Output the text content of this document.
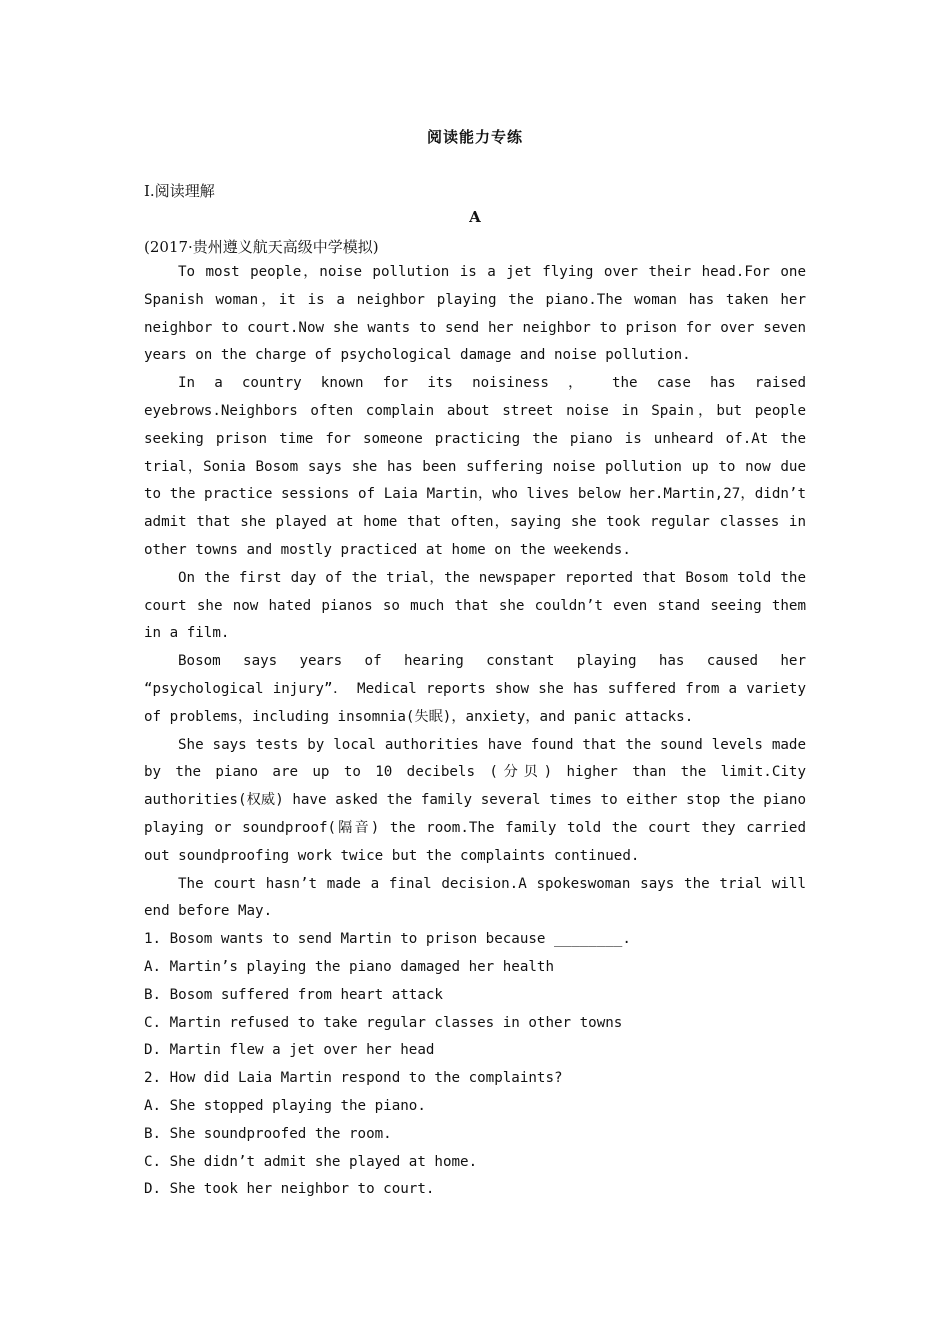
阅读能力专练
Ⅰ.阅读理解
A
(2017·贵州遵义航天高级中学模拟)

To most people，noise pollution is a jet flying over their head.For one Spanish woman，it is a neighbor playing the piano.The woman has taken her neighbor to court.Now she wants to send her neighbor to prison for over seven years on the charge of psychological damage and noise pollution.

In a country known for its noisiness ， the case has raised eyebrows.Neighbors often complain about street noise in Spain，but people seeking prison time for someone practicing the piano is unheard of.At the trial，Sonia Bosom says she has been suffering noise pollution up to now due to the practice sessions of Laia Martin，who lives below her.Martin,27，didn’t admit that she played at home that often，saying she took regular classes in other towns and mostly practiced at home on the weekends.

On the first day of the trial，the newspaper reported that Bosom told the court she now hated pianos so much that she couldn’t even stand seeing them in a film.

Bosom says years of hearing constant playing has caused her “psychological injury”． Medical reports show she has suffered from a variety of problems，including insomnia(失眠)，anxiety，and panic attacks.

She says tests by local authorities have found that the sound levels made by the piano are up to 10 decibels (分贝) higher than the limit.City authorities(权威) have asked the family several times to either stop the piano playing or soundproof(隔音) the room.The family told the court they carried out soundproofing work twice but the complaints continued.

The court hasn’t made a final decision.A spokeswoman says the trial will end before May.

1. Bosom wants to send Martin to prison because ________.

A. Martin’s playing the piano damaged her health

B. Bosom suffered from heart attack

C. Martin refused to take regular classes in other towns

D. Martin flew a jet over her head

2. How did Laia Martin respond to the complaints?

A. She stopped playing the piano.

B. She soundproofed the room.

C. She didn’t admit she played at home.

D. She took her neighbor to court.
